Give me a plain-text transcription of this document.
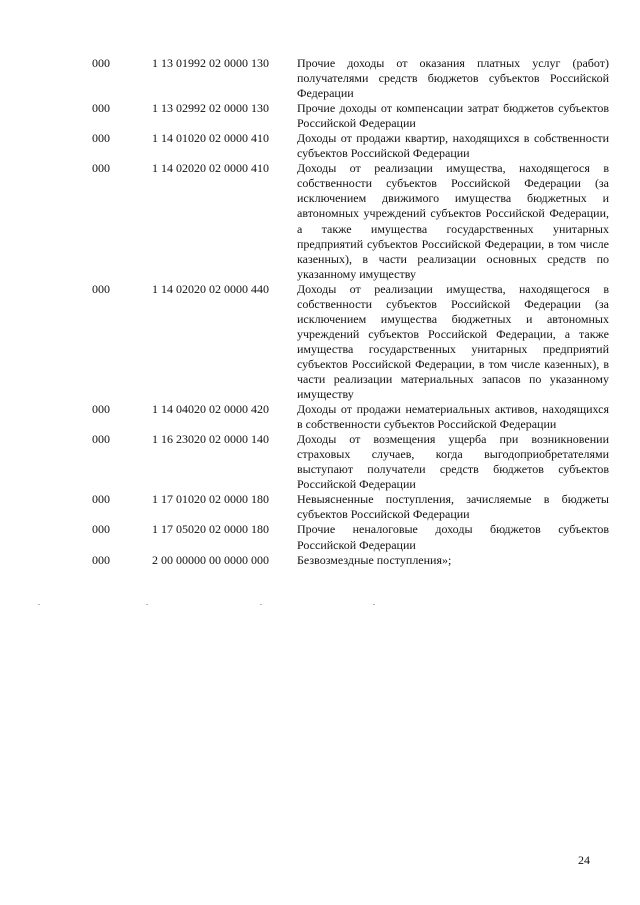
000	1 13 01992 02 0000 130	Прочие доходы от оказания платных услуг (работ) получателями средств бюджетов субъектов Российской Федерации
000	1 13 02992 02 0000 130	Прочие доходы от компенсации затрат бюджетов субъектов Российской Федерации
000	1 14 01020 02 0000 410	Доходы от продажи квартир, находящихся в собственности субъектов Российской Федерации
000	1 14 02020 02 0000 410	Доходы от реализации имущества, находящегося в собственности субъектов Российской Федерации (за исключением движимого имущества бюджетных и автономных учреждений субъектов Российской Федерации, а также имущества государственных унитарных предприятий субъектов Российской Федерации, в том числе казенных), в части реализации основных средств по указанному имуществу
000	1 14 02020 02 0000 440	Доходы от реализации имущества, находящегося в собственности субъектов Российской Федерации (за исключением имущества бюджетных и автономных учреждений субъектов Российской Федерации, а также имущества государственных унитарных предприятий субъектов Российской Федерации, в том числе казенных), в части реализации материальных запасов по указанному имуществу
000	1 14 04020 02 0000 420	Доходы от продажи нематериальных активов, находящихся в собственности субъектов Российской Федерации
000	1 16 23020 02 0000 140	Доходы от возмещения ущерба при возникновении страховых случаев, когда выгодоприобретателями выступают получатели средств бюджетов субъектов Российской Федерации
000	1 17 01020 02 0000 180	Невыясненные поступления, зачисляемые в бюджеты субъектов Российской Федерации
000	1 17 05020 02 0000 180	Прочие неналоговые доходы бюджетов субъектов Российской Федерации
000	2 00 00000 00 0000 000	Безвозмездные поступления»;
24
